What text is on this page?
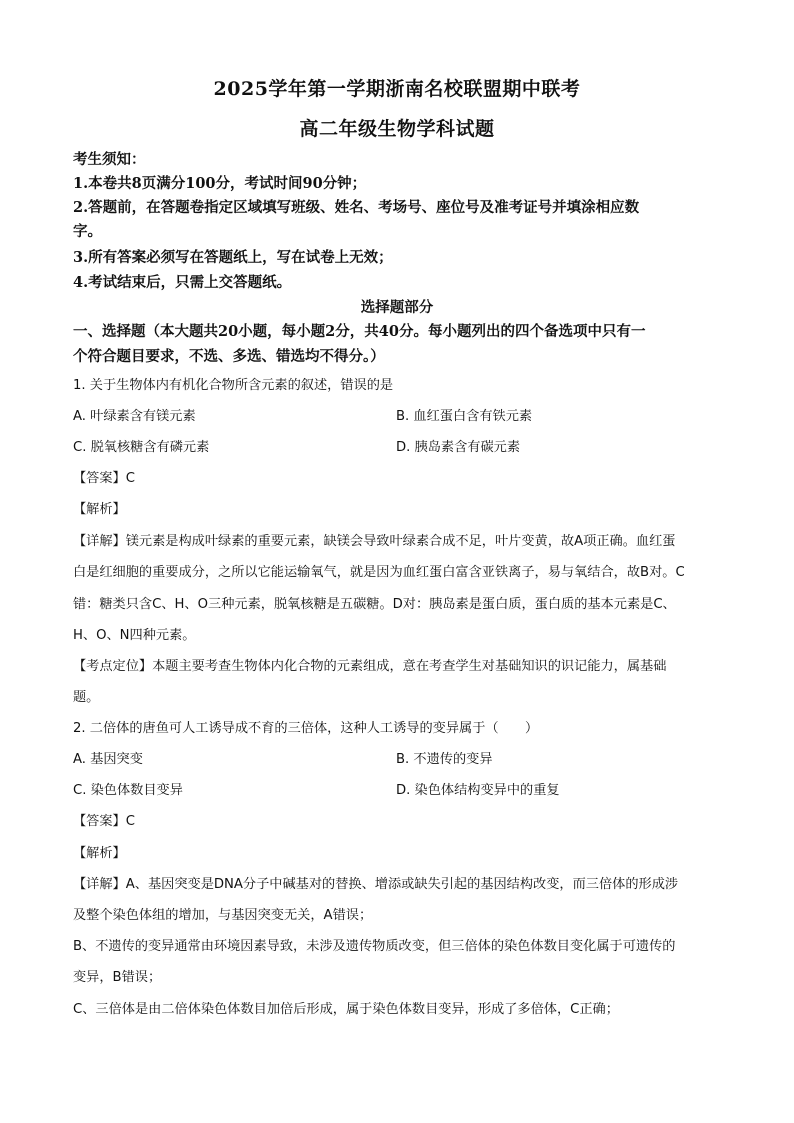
2025学年第一学期浙南名校联盟期中联考
高二年级生物学科试题
考生须知：
1.本卷共8页满分100分，考试时间90分钟；
2.答题前，在答题卷指定区域填写班级、姓名、考场号、座位号及准考证号并填涂相应数
字。
3.所有答案必须写在答题纸上，写在试卷上无效；
4.考试结束后，只需上交答题纸。
选择题部分
一、选择题（本大题共20小题，每小题2分，共40分。每小题列出的四个备选项中只有一
个符合题目要求，不选、多选、错选均不得分。）
1. 关于生物体内有机化合物所含元素的叙述，错误的是
A. 叶绿素含有镁元素	B. 血红蛋白含有铁元素
C. 脱氧核糖含有磷元素	D. 胰岛素含有碳元素
【答案】C
【解析】
【详解】镁元素是构成叶绿素的重要元素，缺镁会导致叶绿素合成不足，叶片变黄，故A项正确。血红蛋
白是红细胞的重要成分，之所以它能运输氧气，就是因为血红蛋白富含亚铁离子，易与氧结合，故B对。C
错：糖类只含C、H、O三种元素，脱氧核糖是五碳糖。D对：胰岛素是蛋白质，蛋白质的基本元素是C、
H、O、N四种元素。
【考点定位】本题主要考查生物体内化合物的元素组成，意在考查学生对基础知识的识记能力，属基础
题。
2. 二倍体的唐鱼可人工诱导成不育的三倍体，这种人工诱导的变异属于（　　）
A. 基因突变	B. 不遗传的变异
C. 染色体数目变异	D. 染色体结构变异中的重复
【答案】C
【解析】
【详解】A、基因突变是DNA分子中碱基对的替换、增添或缺失引起的基因结构改变，而三倍体的形成涉
及整个染色体组的增加，与基因突变无关，A错误；
B、不遗传的变异通常由环境因素导致，未涉及遗传物质改变，但三倍体的染色体数目变化属于可遗传的
变异，B错误；
C、三倍体是由二倍体染色体数目加倍后形成，属于染色体数目变异，形成了多倍体，C正确；
